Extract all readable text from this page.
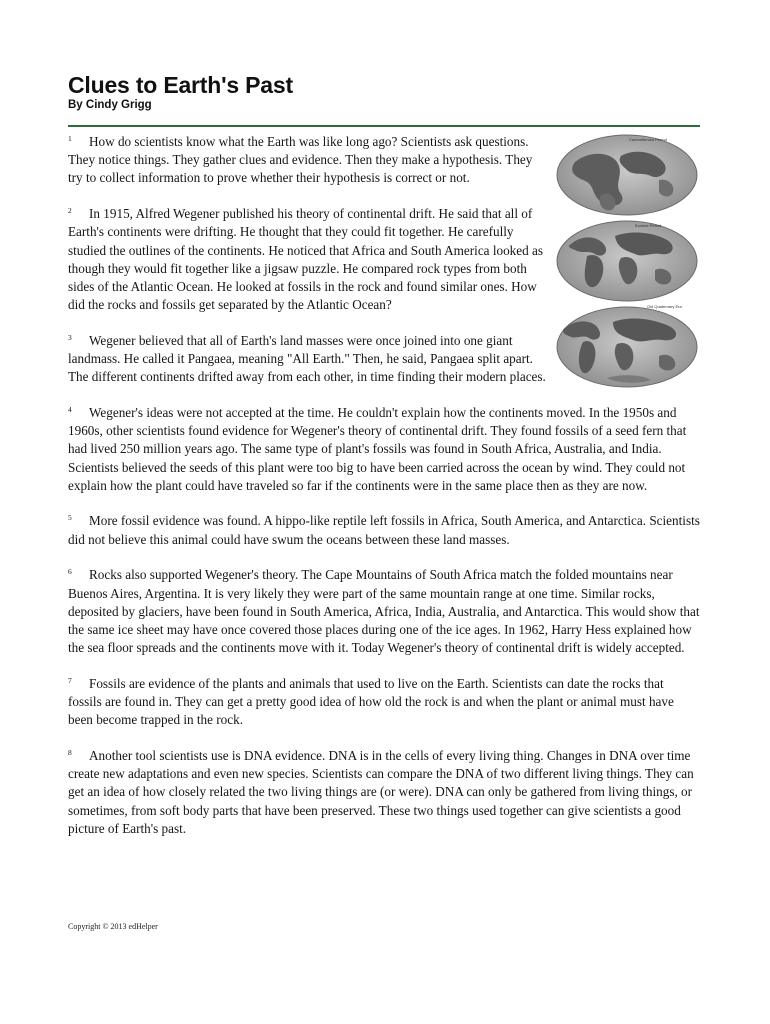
Clues to Earth's Past
By Cindy Grigg
Carboniferous Period
Eocene Period
Old Quaternary Era

1 How do scientists know what the Earth was like long ago? Scientists ask questions. They notice things. They gather clues and evidence. Then they make a hypothesis. They try to collect information to prove whether their hypothesis is correct or not.

2 In 1915, Alfred Wegener published his theory of continental drift. He said that all of Earth's continents were drifting. He thought that they could fit together. He carefully studied the outlines of the continents. He noticed that Africa and South America looked as though they would fit together like a jigsaw puzzle. He compared rock types from both sides of the Atlantic Ocean. He looked at fossils in the rock and found similar ones. How did the rocks and fossils get separated by the Atlantic Ocean?

3 Wegener believed that all of Earth's land masses were once joined into one giant landmass. He called it Pangaea, meaning "All Earth." Then, he said, Pangaea split apart. The different continents drifted away from each other, in time finding their modern places.

4 Wegener's ideas were not accepted at the time. He couldn't explain how the continents moved. In the 1950s and 1960s, other scientists found evidence for Wegener's theory of continental drift. They found fossils of a seed fern that had lived 250 million years ago. The same type of plant's fossils was found in South Africa, Australia, and India. Scientists believed the seeds of this plant were too big to have been carried across the ocean by wind. They could not explain how the plant could have traveled so far if the continents were in the same place then as they are now.

5 More fossil evidence was found. A hippo-like reptile left fossils in Africa, South America, and Antarctica. Scientists did not believe this animal could have swum the oceans between these land masses.

6 Rocks also supported Wegener's theory. The Cape Mountains of South Africa match the folded mountains near Buenos Aires, Argentina. It is very likely they were part of the same mountain range at one time. Similar rocks, deposited by glaciers, have been found in South America, Africa, India, Australia, and Antarctica. This would show that the same ice sheet may have once covered those places during one of the ice ages. In 1962, Harry Hess explained how the sea floor spreads and the continents move with it. Today Wegener's theory of continental drift is widely accepted.

7 Fossils are evidence of the plants and animals that used to live on the Earth. Scientists can date the rocks that fossils are found in. They can get a pretty good idea of how old the rock is and when the plant or animal must have been become trapped in the rock.

8 Another tool scientists use is DNA evidence. DNA is in the cells of every living thing. Changes in DNA over time create new adaptations and even new species. Scientists can compare the DNA of two different living things. They can get an idea of how closely related the two living things are (or were). DNA can only be gathered from living things, or sometimes, from soft body parts that have been preserved. These two things used together can give scientists a good picture of Earth's past.

Copyright © 2013 edHelper
